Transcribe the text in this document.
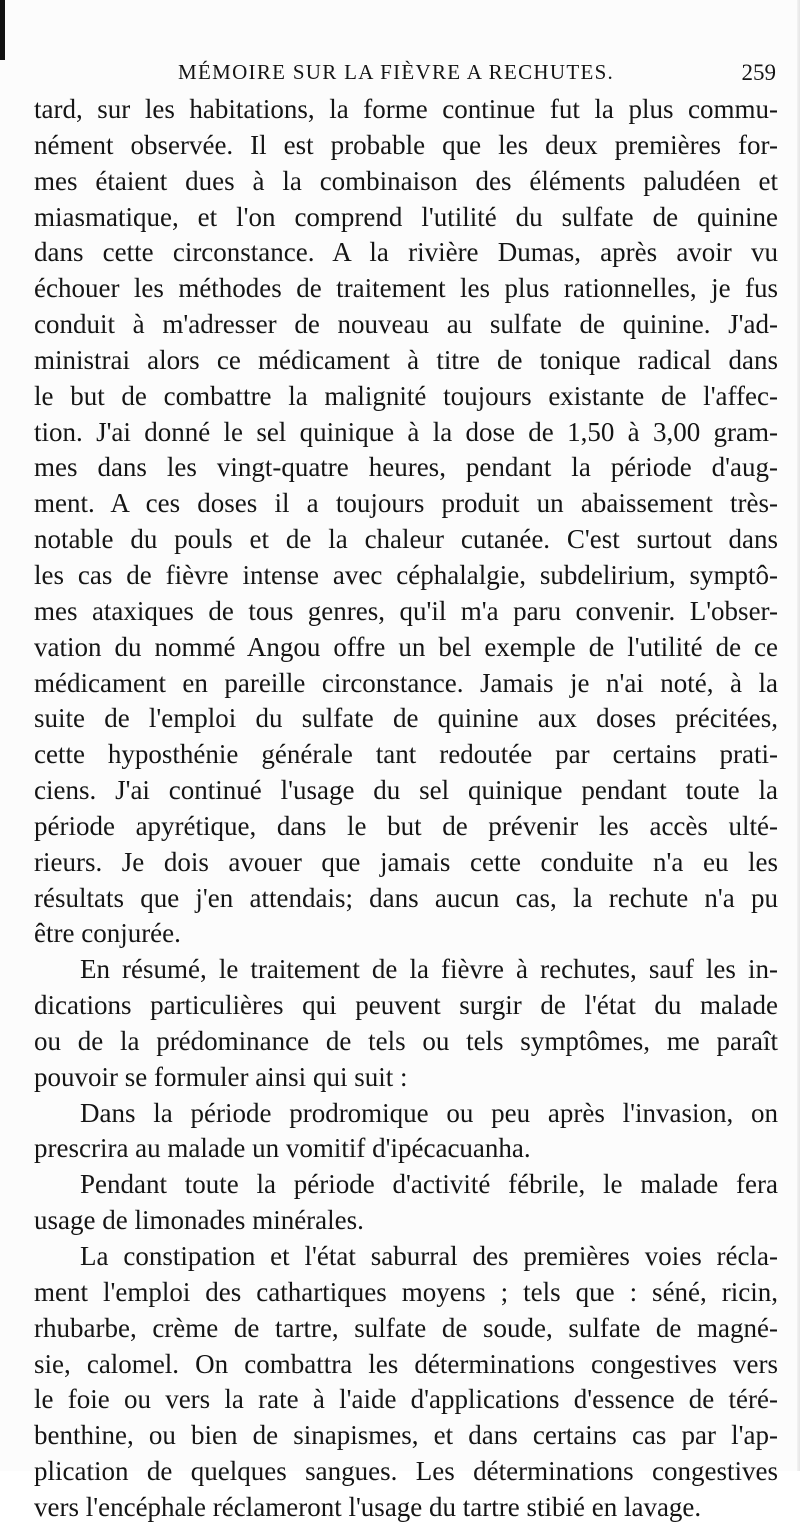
MÉMOIRE SUR LA FIÈVRE A RECHUTES.	259
tard, sur les habitations, la forme continue fut la plus commu-
nément observée. Il est probable que les deux premières for-
mes étaient dues à la combinaison des éléments paludéen et
miasmatique, et l'on comprend l'utilité du sulfate de quinine
dans cette circonstance. A la rivière Dumas, après avoir vu
échouer les méthodes de traitement les plus rationnelles, je fus
conduit à m'adresser de nouveau au sulfate de quinine. J'ad-
ministrai alors ce médicament à titre de tonique radical dans
le but de combattre la malignité toujours existante de l'affec-
tion. J'ai donné le sel quinique à la dose de 1,50 à 3,00 gram-
mes dans les vingt-quatre heures, pendant la période d'aug-
ment. A ces doses il a toujours produit un abaissement très-
notable du pouls et de la chaleur cutanée. C'est surtout dans
les cas de fièvre intense avec céphalalgie, subdelirium, symptô-
mes ataxiques de tous genres, qu'il m'a paru convenir. L'obser-
vation du nommé Angou offre un bel exemple de l'utilité de ce
médicament en pareille circonstance. Jamais je n'ai noté, à la
suite de l'emploi du sulfate de quinine aux doses précitées,
cette hyposthénie générale tant redoutée par certains prati-
ciens. J'ai continué l'usage du sel quinique pendant toute la
période apyrétique, dans le but de prévenir les accès ulté-
rieurs. Je dois avouer que jamais cette conduite n'a eu les
résultats que j'en attendais; dans aucun cas, la rechute n'a pu
être conjurée.
En résumé, le traitement de la fièvre à rechutes, sauf les in-
dications particulières qui peuvent surgir de l'état du malade
ou de la prédominance de tels ou tels symptômes, me paraît
pouvoir se formuler ainsi qui suit :
Dans la période prodromique ou peu après l'invasion, on
prescrira au malade un vomitif d'ipécacuanha.
Pendant toute la période d'activité fébrile, le malade fera
usage de limonades minérales.
La constipation et l'état saburral des premières voies récla-
ment l'emploi des cathartiques moyens ; tels que : séné, ricin,
rhubarbe, crème de tartre, sulfate de soude, sulfate de magné-
sie, calomel. On combattra les déterminations congestives vers
le foie ou vers la rate à l'aide d'applications d'essence de téré-
benthine, ou bien de sinapismes, et dans certains cas par l'ap-
plication de quelques sangues. Les déterminations congestives
vers l'encéphale réclameront l'usage du tartre stibié en lavage.
